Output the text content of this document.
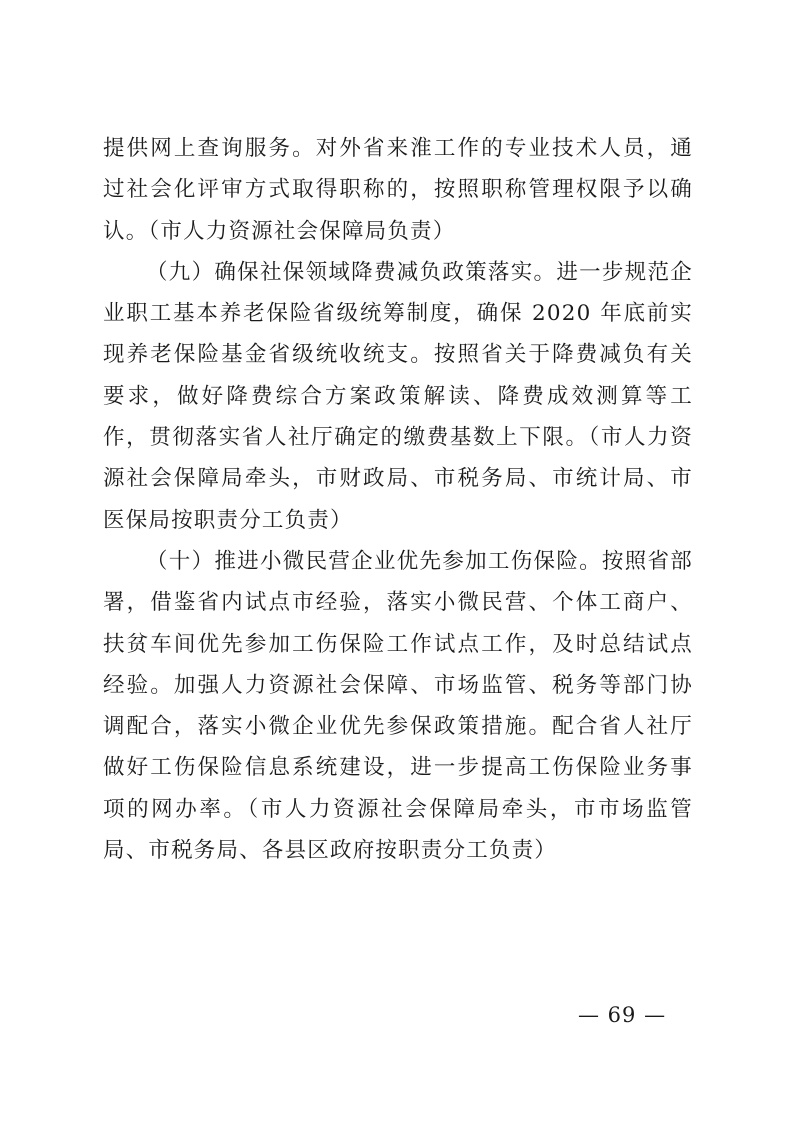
提供网上查询服务。对外省来淮工作的专业技术人员，通过社会化评审方式取得职称的，按照职称管理权限予以确认。（市人力资源社会保障局负责）

（九）确保社保领域降费减负政策落实。进一步规范企业职工基本养老保险省级统筹制度，确保 2020 年底前实现养老保险基金省级统收统支。按照省关于降费减负有关要求，做好降费综合方案政策解读、降费成效测算等工作，贯彻落实省人社厅确定的缴费基数上下限。（市人力资源社会保障局牵头，市财政局、市税务局、市统计局、市医保局按职责分工负责）

（十）推进小微民营企业优先参加工伤保险。按照省部署，借鉴省内试点市经验，落实小微民营、个体工商户、扶贫车间优先参加工伤保险工作试点工作，及时总结试点经验。加强人力资源社会保障、市场监管、税务等部门协调配合，落实小微企业优先参保政策措施。配合省人社厅做好工伤保险信息系统建设，进一步提高工伤保险业务事项的网办率。（市人力资源社会保障局牵头，市市场监管局、市税务局、各县区政府按职责分工负责）

— 69 —
